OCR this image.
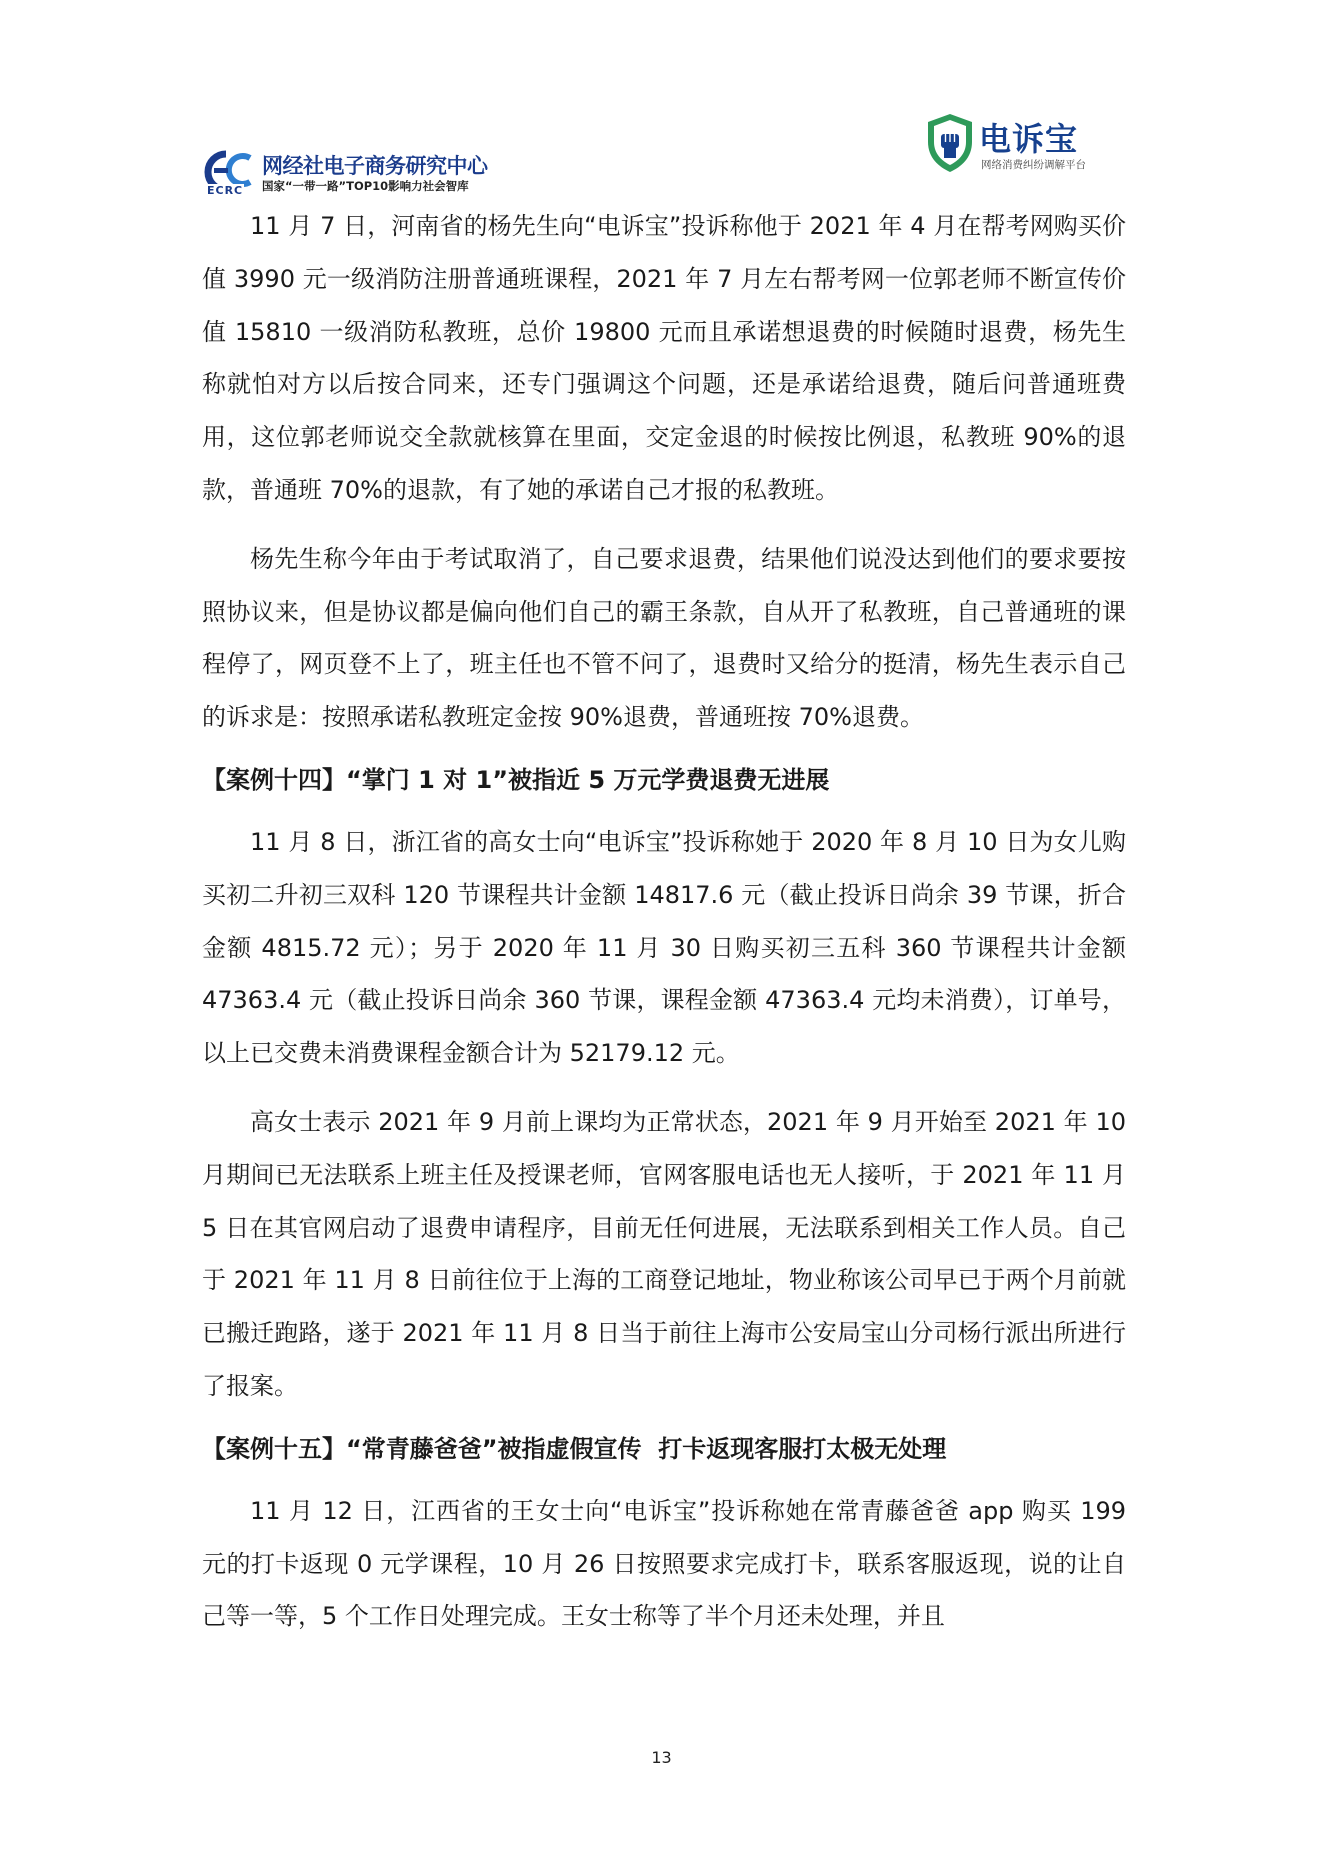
ECRC
网经社电子商务研究中心
国家“一带一路”TOP10影响力社会智库
电诉宝
网络消费纠纷调解平台

11 月 7 日，河南省的杨先生向“电诉宝”投诉称他于 2021 年 4 月在帮考网购买价值 3990 元一级消防注册普通班课程，2021 年 7 月左右帮考网一位郭老师不断宣传价值 15810 一级消防私教班，总价 19800 元而且承诺想退费的时候随时退费，杨先生称就怕对方以后按合同来，还专门强调这个问题，还是承诺给退费，随后问普通班费用，这位郭老师说交全款就核算在里面，交定金退的时候按比例退，私教班 90%的退款，普通班 70%的退款，有了她的承诺自己才报的私教班。

杨先生称今年由于考试取消了，自己要求退费，结果他们说没达到他们的要求要按照协议来，但是协议都是偏向他们自己的霸王条款，自从开了私教班，自己普通班的课程停了，网页登不上了，班主任也不管不问了，退费时又给分的挺清，杨先生表示自己的诉求是：按照承诺私教班定金按 90%退费，普通班按 70%退费。

【案例十四】“掌门 1 对 1”被指近 5 万元学费退费无进展

11 月 8 日，浙江省的高女士向“电诉宝”投诉称她于 2020 年 8 月 10 日为女儿购买初二升初三双科 120 节课程共计金额 14817.6 元（截止投诉日尚余 39 节课，折合金额 4815.72 元）；另于 2020 年 11 月 30 日购买初三五科 360 节课程共计金额 47363.4 元（截止投诉日尚余 360 节课，课程金额 47363.4 元均未消费），订单号，以上已交费未消费课程金额合计为 52179.12 元。

高女士表示 2021 年 9 月前上课均为正常状态，2021 年 9 月开始至 2021 年 10 月期间已无法联系上班主任及授课老师，官网客服电话也无人接听，于 2021 年 11 月 5 日在其官网启动了退费申请程序，目前无任何进展，无法联系到相关工作人员。自己于 2021 年 11 月 8 日前往位于上海的工商登记地址，物业称该公司早已于两个月前就已搬迁跑路，遂于 2021 年 11 月 8 日当于前往上海市公安局宝山分司杨行派出所进行了报案。

【案例十五】“常青藤爸爸”被指虚假宣传  打卡返现客服打太极无处理

11 月 12 日，江西省的王女士向“电诉宝”投诉称她在常青藤爸爸 app 购买 199 元的打卡返现 0 元学课程，10 月 26 日按照要求完成打卡，联系客服返现，说的让自己等一等，5 个工作日处理完成。王女士称等了半个月还未处理，并且

13
